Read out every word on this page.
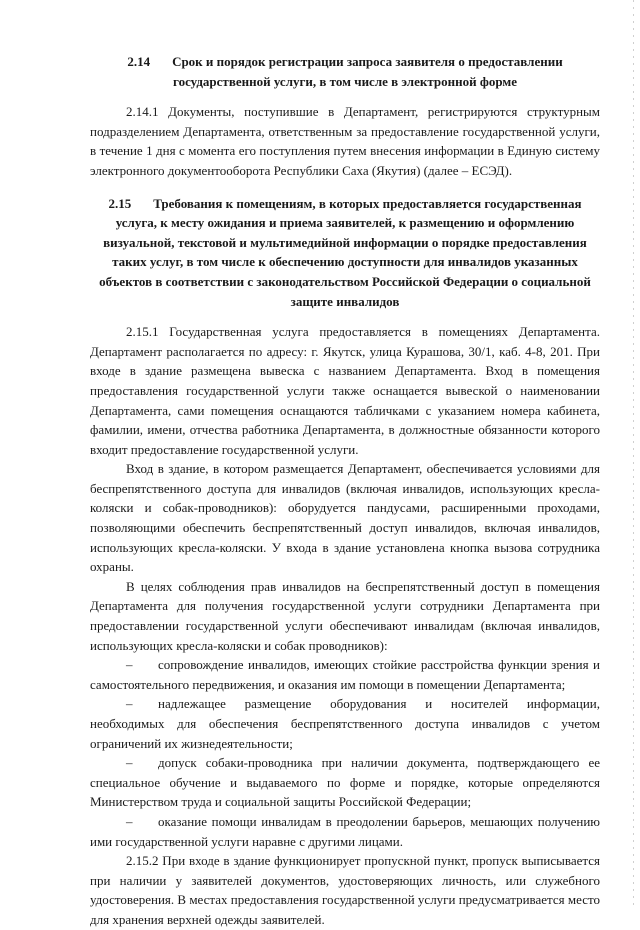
2.14 Срок и порядок регистрации запроса заявителя о предоставлении государственной услуги, в том числе в электронной форме

2.14.1 Документы, поступившие в Департамент, регистрируются структурным подразделением Департамента, ответственным за предоставление государственной услуги, в течение 1 дня с момента его поступления путем внесения информации в Единую систему электронного документооборота Республики Саха (Якутия) (далее – ЕСЭД).

2.15 Требования к помещениям, в которых предоставляется государственная услуга, к месту ожидания и приема заявителей, к размещению и оформлению визуальной, текстовой и мультимедийной информации о порядке предоставления таких услуг, в том числе к обеспечению доступности для инвалидов указанных объектов в соответствии с законодательством Российской Федерации о социальной защите инвалидов

2.15.1 Государственная услуга предоставляется в помещениях Департамента. Департамент располагается по адресу: г. Якутск, улица Курашова, 30/1, каб. 4-8, 201. При входе в здание размещена вывеска с названием Департамента. Вход в помещения предоставления государственной услуги также оснащается вывеской о наименовании Департамента, сами помещения оснащаются табличками с указанием номера кабинета, фамилии, имени, отчества работника Департамента, в должностные обязанности которого входит предоставление государственной услуги.

Вход в здание, в котором размещается Департамент, обеспечивается условиями для беспрепятственного доступа для инвалидов (включая инвалидов, использующих кресла-коляски и собак-проводников): оборудуется пандусами, расширенными проходами, позволяющими обеспечить беспрепятственный доступ инвалидов, включая инвалидов, использующих кресла-коляски. У входа в здание установлена кнопка вызова сотрудника охраны.

В целях соблюдения прав инвалидов на беспрепятственный доступ в помещения Департамента для получения государственной услуги сотрудники Департамента при предоставлении государственной услуги обеспечивают инвалидам (включая инвалидов, использующих кресла-коляски и собак проводников):

– сопровождение инвалидов, имеющих стойкие расстройства функции зрения и самостоятельного передвижения, и оказания им помощи в помещении Департамента;
– надлежащее размещение оборудования и носителей информации, необходимых для обеспечения беспрепятственного доступа инвалидов с учетом ограничений их жизнедеятельности;
– допуск собаки-проводника при наличии документа, подтверждающего ее специальное обучение и выдаваемого по форме и порядке, которые определяются Министерством труда и социальной защиты Российской Федерации;
– оказание помощи инвалидам в преодолении барьеров, мешающих получению ими государственной услуги наравне с другими лицами.

2.15.2 При входе в здание функционирует пропускной пункт, пропуск выписывается при наличии у заявителей документов, удостоверяющих личность, или служебного удостоверения. В местах предоставления государственной услуги предусматривается место для хранения верхней одежды заявителей.
